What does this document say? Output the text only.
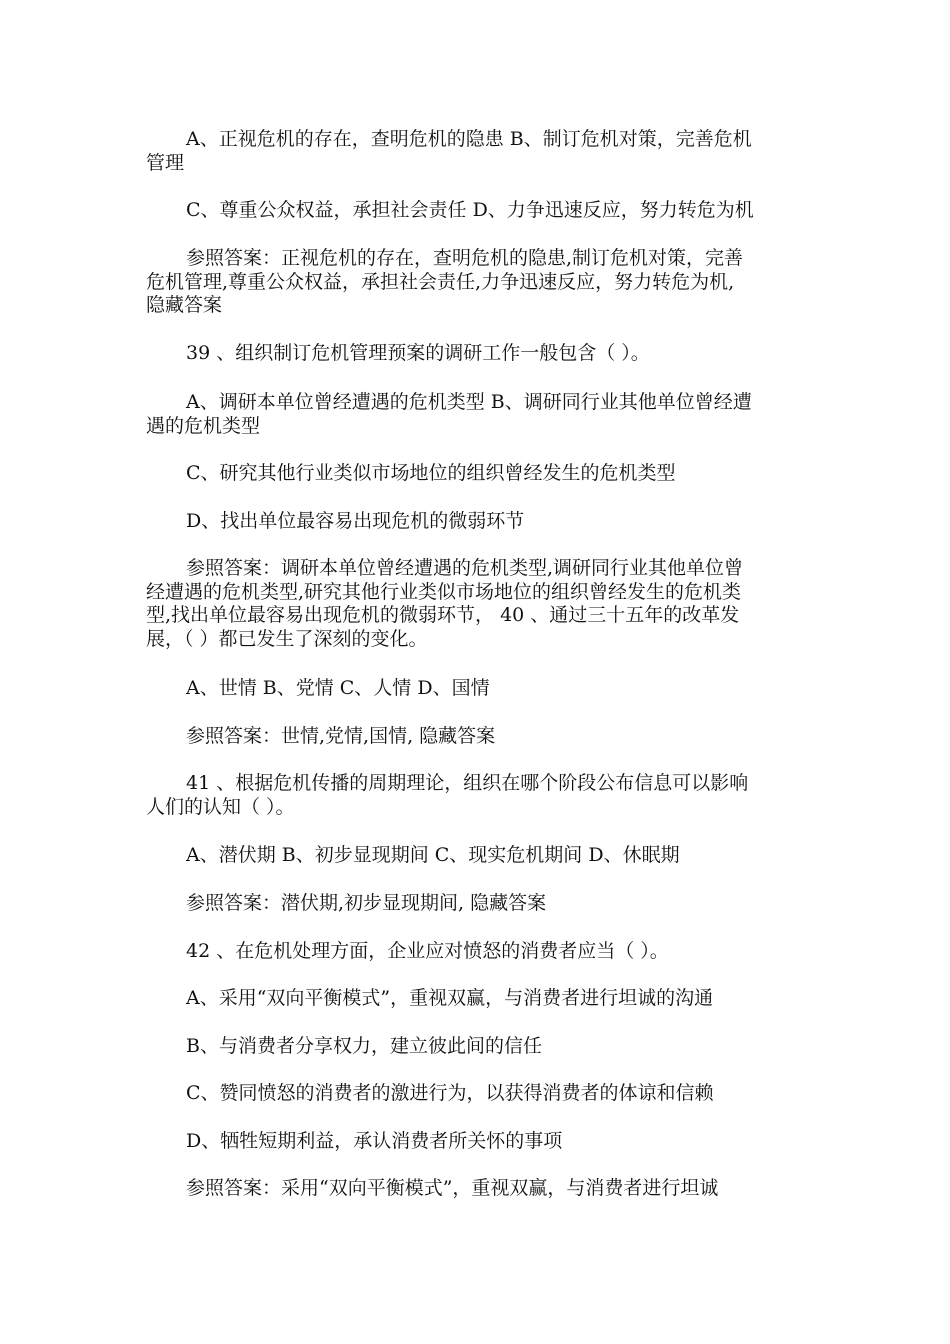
A、正视危机的存在，查明危机的隐患 B、制订危机对策，完善危机
管理
C、尊重公众权益，承担社会责任 D、力争迅速反应，努力转危为机
参照答案：正视危机的存在，查明危机的隐患,制订危机对策，完善
危机管理,尊重公众权益，承担社会责任,力争迅速反应，努力转危为机,
隐藏答案
39 、组织制订危机管理预案的调研工作一般包含（ ）。
A、调研本单位曾经遭遇的危机类型 B、调研同行业其他单位曾经遭
遇的危机类型
C、研究其他行业类似市场地位的组织曾经发生的危机类型
D、找出单位最容易出现危机的微弱环节
参照答案：调研本单位曾经遭遇的危机类型,调研同行业其他单位曾
经遭遇的危机类型,研究其他行业类似市场地位的组织曾经发生的危机类
型,找出单位最容易出现危机的微弱环节， 40 、通过三十五年的改革发
展，（ ）都已发生了深刻的变化。
A、世情 B、党情 C、人情 D、国情
参照答案：世情,党情,国情, 隐藏答案
41 、根据危机传播的周期理论，组织在哪个阶段公布信息可以影响
人们的认知（ ）。
A、潜伏期 B、初步显现期间 C、现实危机期间 D、休眠期
参照答案：潜伏期,初步显现期间, 隐藏答案
42 、在危机处理方面，企业应对愤怒的消费者应当（ ）。
A、采用“双向平衡模式”，重视双赢，与消费者进行坦诚的沟通
B、与消费者分享权力，建立彼此间的信任
C、赞同愤怒的消费者的激进行为，以获得消费者的体谅和信赖
D、牺牲短期利益，承认消费者所关怀的事项
参照答案：采用“双向平衡模式”，重视双赢，与消费者进行坦诚
